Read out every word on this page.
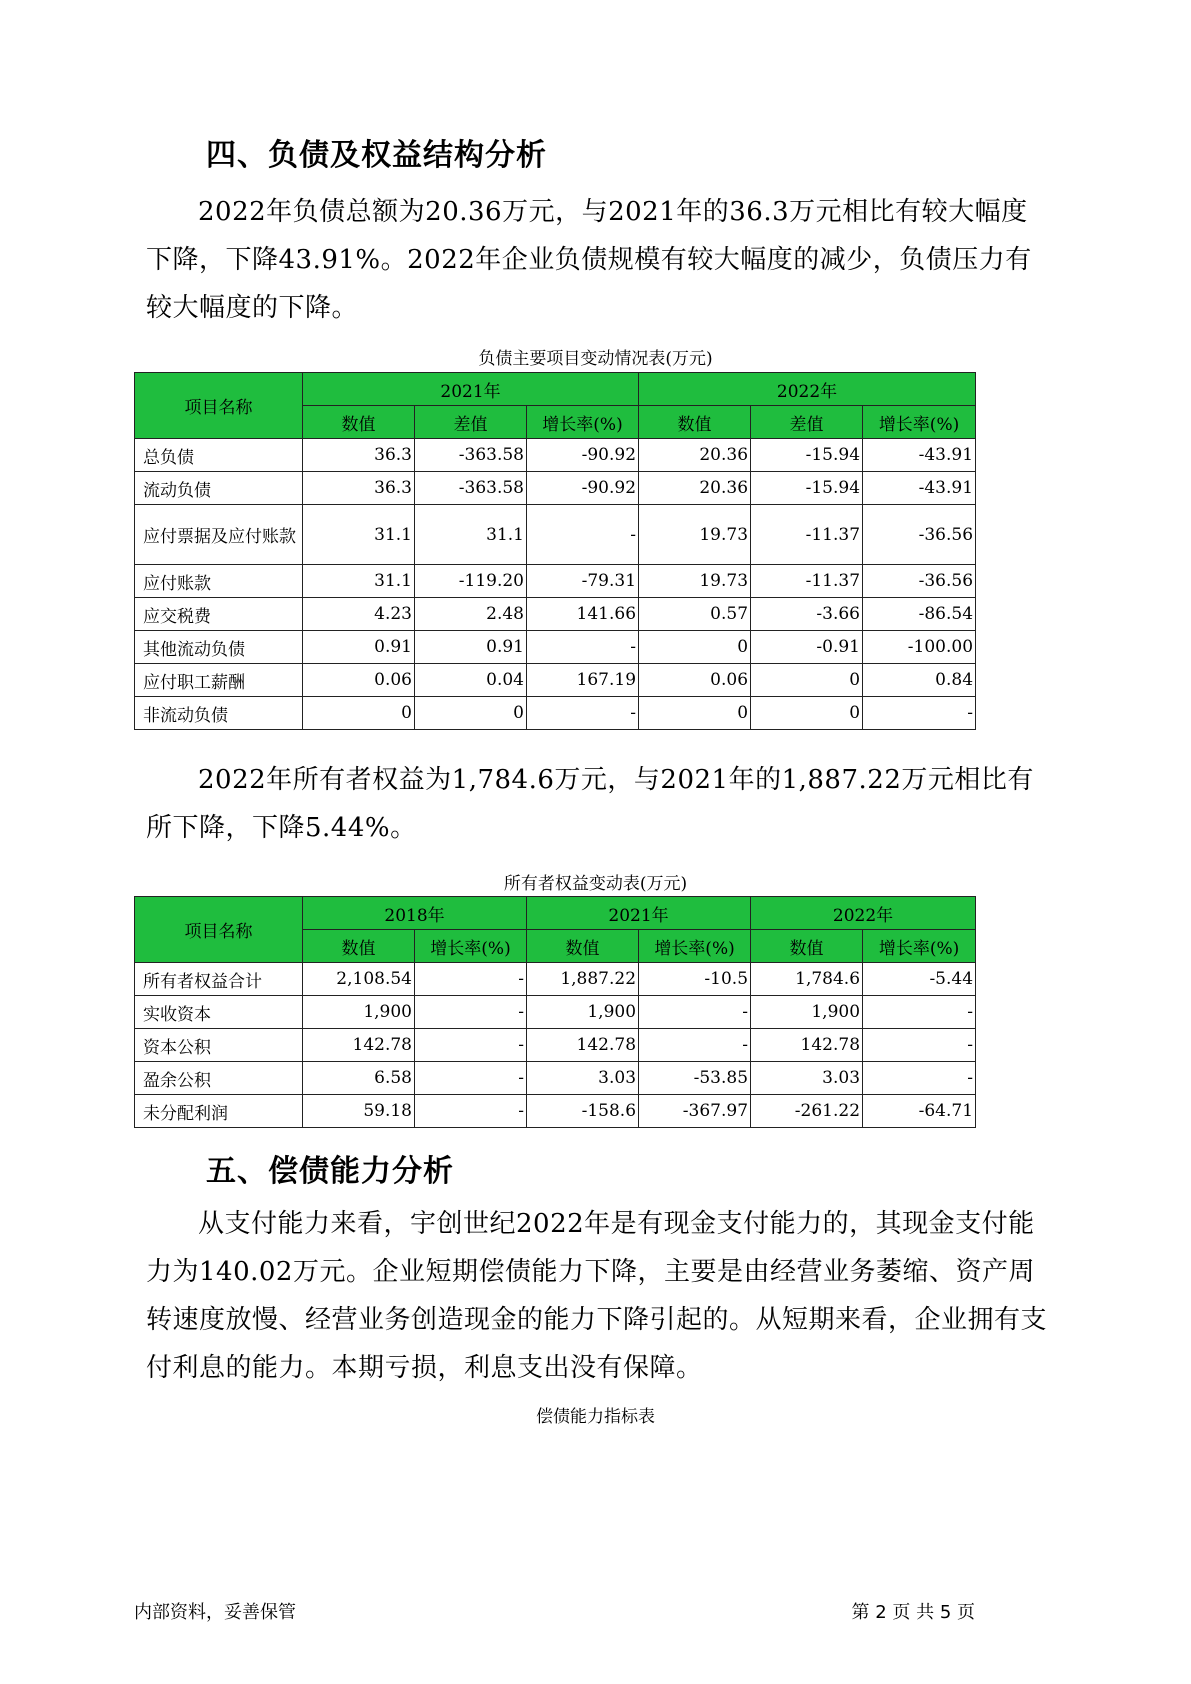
四、负债及权益结构分析
2022年负债总额为20.36万元，与2021年的36.3万元相比有较大幅度下降，下降43.91%。2022年企业负债规模有较大幅度的减少，负债压力有较大幅度的下降。
负债主要项目变动情况表(万元)
项目名称	2021年			2022年		
	数值	差值	增长率(%)	数值	差值	增长率(%)
总负债	36.3	-363.58	-90.92	20.36	-15.94	-43.91
流动负债	36.3	-363.58	-90.92	20.36	-15.94	-43.91
应付票据及应付账款	31.1	31.1	-	19.73	-11.37	-36.56
应付账款	31.1	-119.20	-79.31	19.73	-11.37	-36.56
应交税费	4.23	2.48	141.66	0.57	-3.66	-86.54
其他流动负债	0.91	0.91	-	0	-0.91	-100.00
应付职工薪酬	0.06	0.04	167.19	0.06	0	0.84
非流动负债	0	0	-	0	0	-
2022年所有者权益为1,784.6万元，与2021年的1,887.22万元相比有所下降，下降5.44%。
所有者权益变动表(万元)
项目名称	2018年		2021年		2022年	
	数值	增长率(%)	数值	增长率(%)	数值	增长率(%)
所有者权益合计	2,108.54	-	1,887.22	-10.5	1,784.6	-5.44
实收资本	1,900	-	1,900	-	1,900	-
资本公积	142.78	-	142.78	-	142.78	-
盈余公积	6.58	-	3.03	-53.85	3.03	-
未分配利润	59.18	-	-158.6	-367.97	-261.22	-64.71
五、偿债能力分析
从支付能力来看，宇创世纪2022年是有现金支付能力的，其现金支付能力为140.02万元。企业短期偿债能力下降，主要是由经营业务萎缩、资产周转速度放慢、经营业务创造现金的能力下降引起的。从短期来看，企业拥有支付利息的能力。本期亏损，利息支出没有保障。
偿债能力指标表
内部资料，妥善保管	第 2 页 共 5 页
